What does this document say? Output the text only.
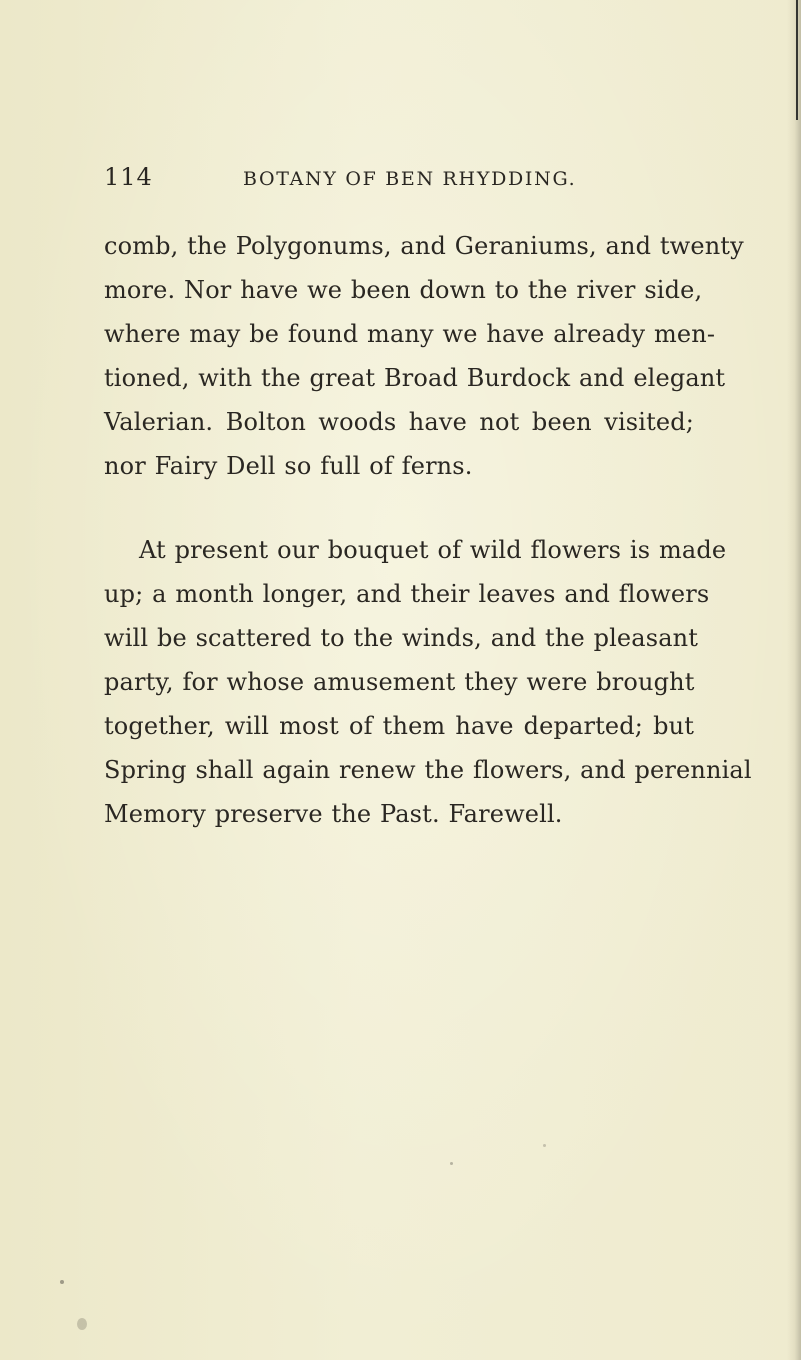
114	BOTANY OF BEN RHYDDING.
comb, the Polygonums, and Geraniums, and twenty
more. Nor have we been down to the river side,
where may be found many we have already men-
tioned, with the great Broad Burdock and elegant
Valerian. Bolton woods have not been visited;
nor Fairy Dell so full of ferns.
At present our bouquet of wild flowers is made
up; a month longer, and their leaves and flowers
will be scattered to the winds, and the pleasant
party, for whose amusement they were brought
together, will most of them have departed; but
Spring shall again renew the flowers, and perennial
Memory preserve the Past. Farewell.
